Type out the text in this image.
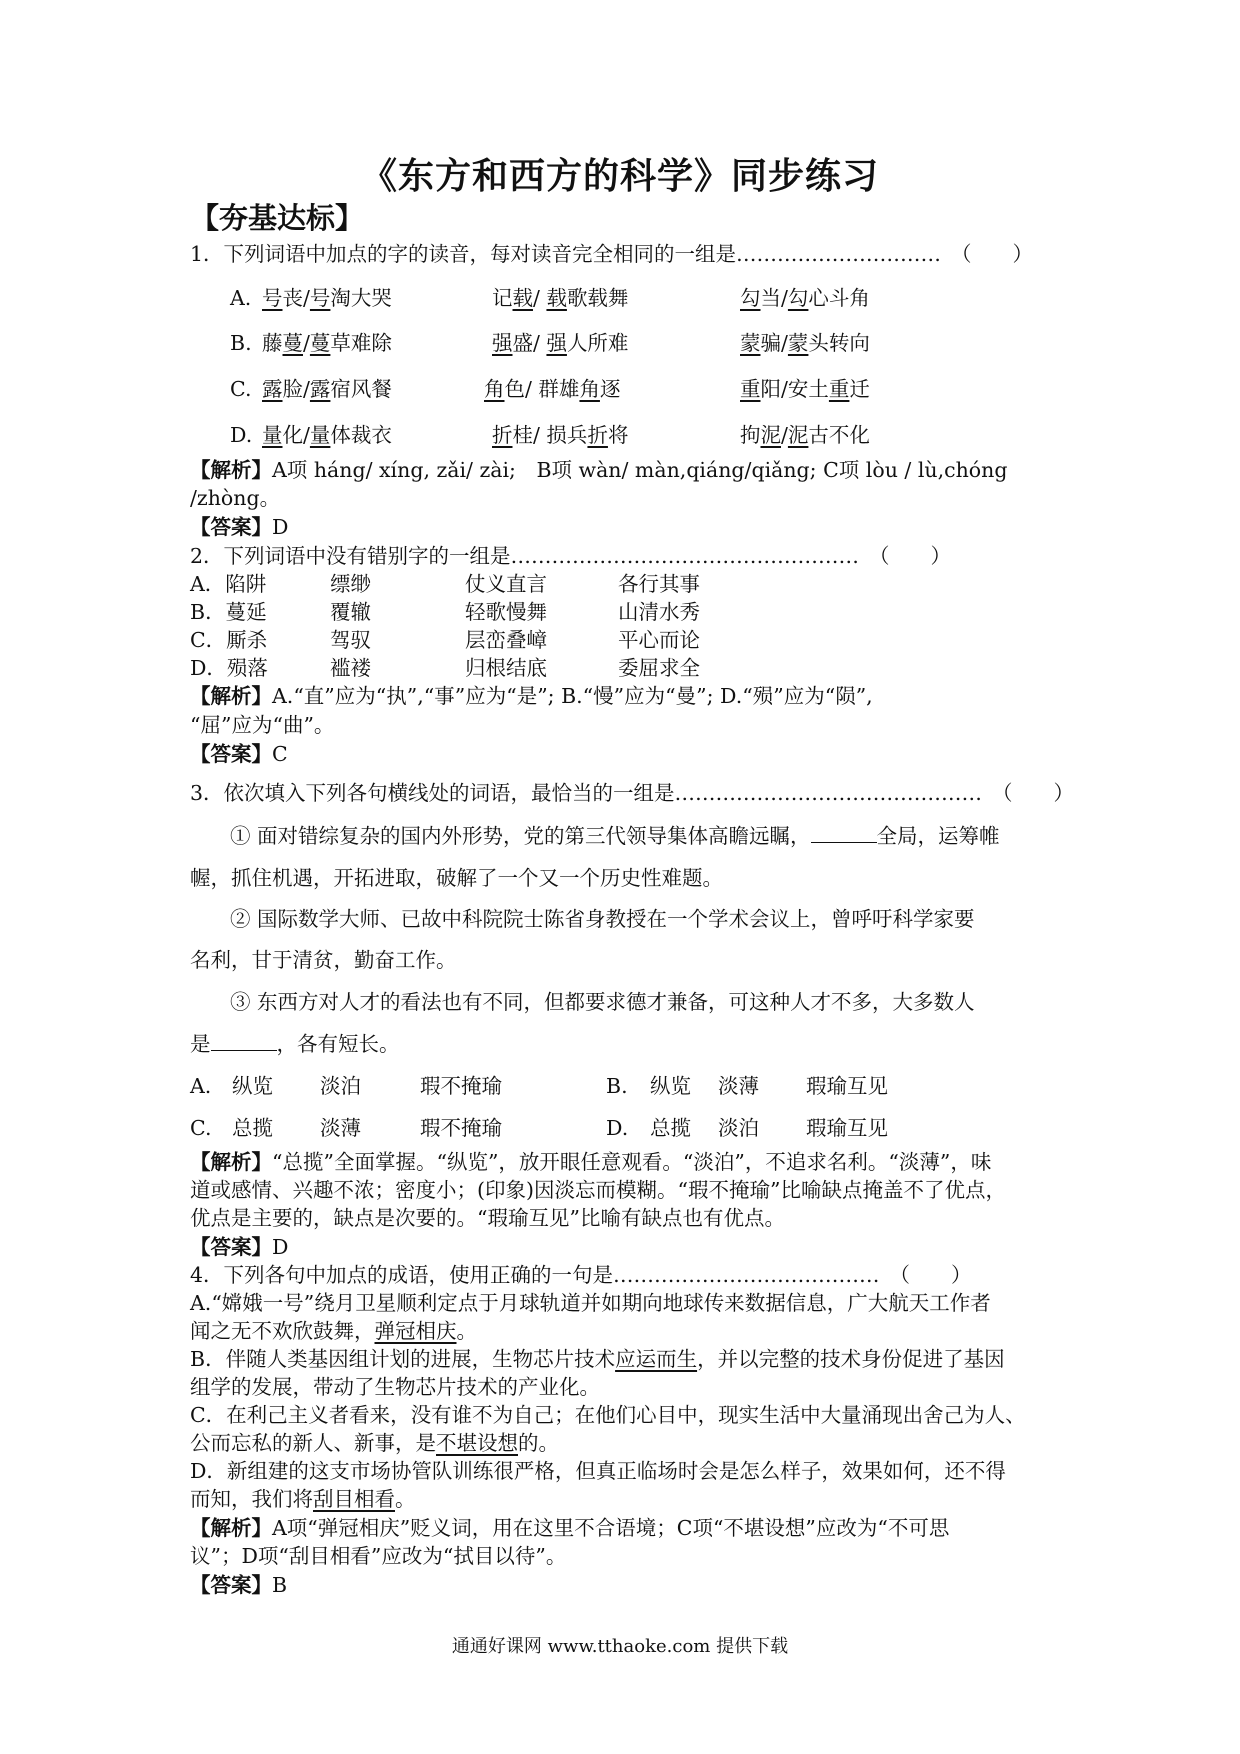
《东方和西方的科学》同步练习
【夯基达标】
1．下列词语中加点的字的读音，每对读音完全相同的一组是………………………… （　　）
A. 号丧/号淘大哭	记载/ 载歌载舞	勾当/勾心斗角
B. 藤蔓/蔓草难除	强盛/ 强人所难	蒙骗/蒙头转向
C. 露脸/露宿风餐	角色/ 群雄角逐	重阳/安土重迁
D. 量化/量体裁衣	折桂/ 损兵折将	拘泥/泥古不化
【解析】A项 háng/ xíng, zǎi/ zài;　B项 wàn/ màn,qiáng/qiǎng; C项 lòu / lù,chóng
/zhòng。
【答案】D
2．下列词语中没有错别字的一组是…………………………………………… （　　）
A．陷阱	缥缈	仗义直言	各行其事
B．蔓延	覆辙	轻歌慢舞	山清水秀
C．厮杀	驾驭	层峦叠嶂	平心而论
D．殒落	褴褛	归根结底	委屈求全
【解析】A.“直”应为“执”,“事”应为“是”; B.“慢”应为“曼”; D.“殒”应为“陨”,
“屈”应为“曲”。
【答案】C
3．依次填入下列各句横线处的词语，最恰当的一组是……………………………………… （　　）
① 面对错综复杂的国内外形势，党的第三代领导集体高瞻远瞩，	全局，运筹帷
幄，抓住机遇，开拓进取，破解了一个又一个历史性难题。
② 国际数学大师、已故中科院院士陈省身教授在一个学术会议上，曾呼吁科学家要
名利，甘于清贫，勤奋工作。
③ 东西方对人才的看法也有不同，但都要求德才兼备，可这种人才不多，大多数人
是	，各有短长。
A. 纵览 淡泊	瑕不掩瑜	B. 纵览 淡薄 瑕瑜互见
C. 总揽 淡薄	瑕不掩瑜	D. 总揽 淡泊 瑕瑜互见
【解析】“总揽”全面掌握。“纵览”，放开眼任意观看。“淡泊”，不追求名利。“淡薄”，味
道或感情、兴趣不浓；密度小；(印象)因淡忘而模糊。“瑕不掩瑜”比喻缺点掩盖不了优点，
优点是主要的，缺点是次要的。“瑕瑜互见”比喻有缺点也有优点。
【答案】D
4．下列各句中加点的成语，使用正确的一句是………………………………… （　　）
A.“嫦娥一号”绕月卫星顺利定点于月球轨道并如期向地球传来数据信息，广大航天工作者
闻之无不欢欣鼓舞，弹冠相庆。
B．伴随人类基因组计划的进展，生物芯片技术应运而生，并以完整的技术身份促进了基因
组学的发展，带动了生物芯片技术的产业化。
C．在利己主义者看来，没有谁不为自己；在他们心目中，现实生活中大量涌现出舍己为人、
公而忘私的新人、新事，是不堪设想的。
D．新组建的这支市场协管队训练很严格，但真正临场时会是怎么样子，效果如何，还不得
而知，我们将刮目相看。
【解析】A项“弹冠相庆”贬义词，用在这里不合语境；C项“不堪设想”应改为“不可思
议”；D项“刮目相看”应改为“拭目以待”。
【答案】B
通通好课网 www.tthaoke.com 提供下载
